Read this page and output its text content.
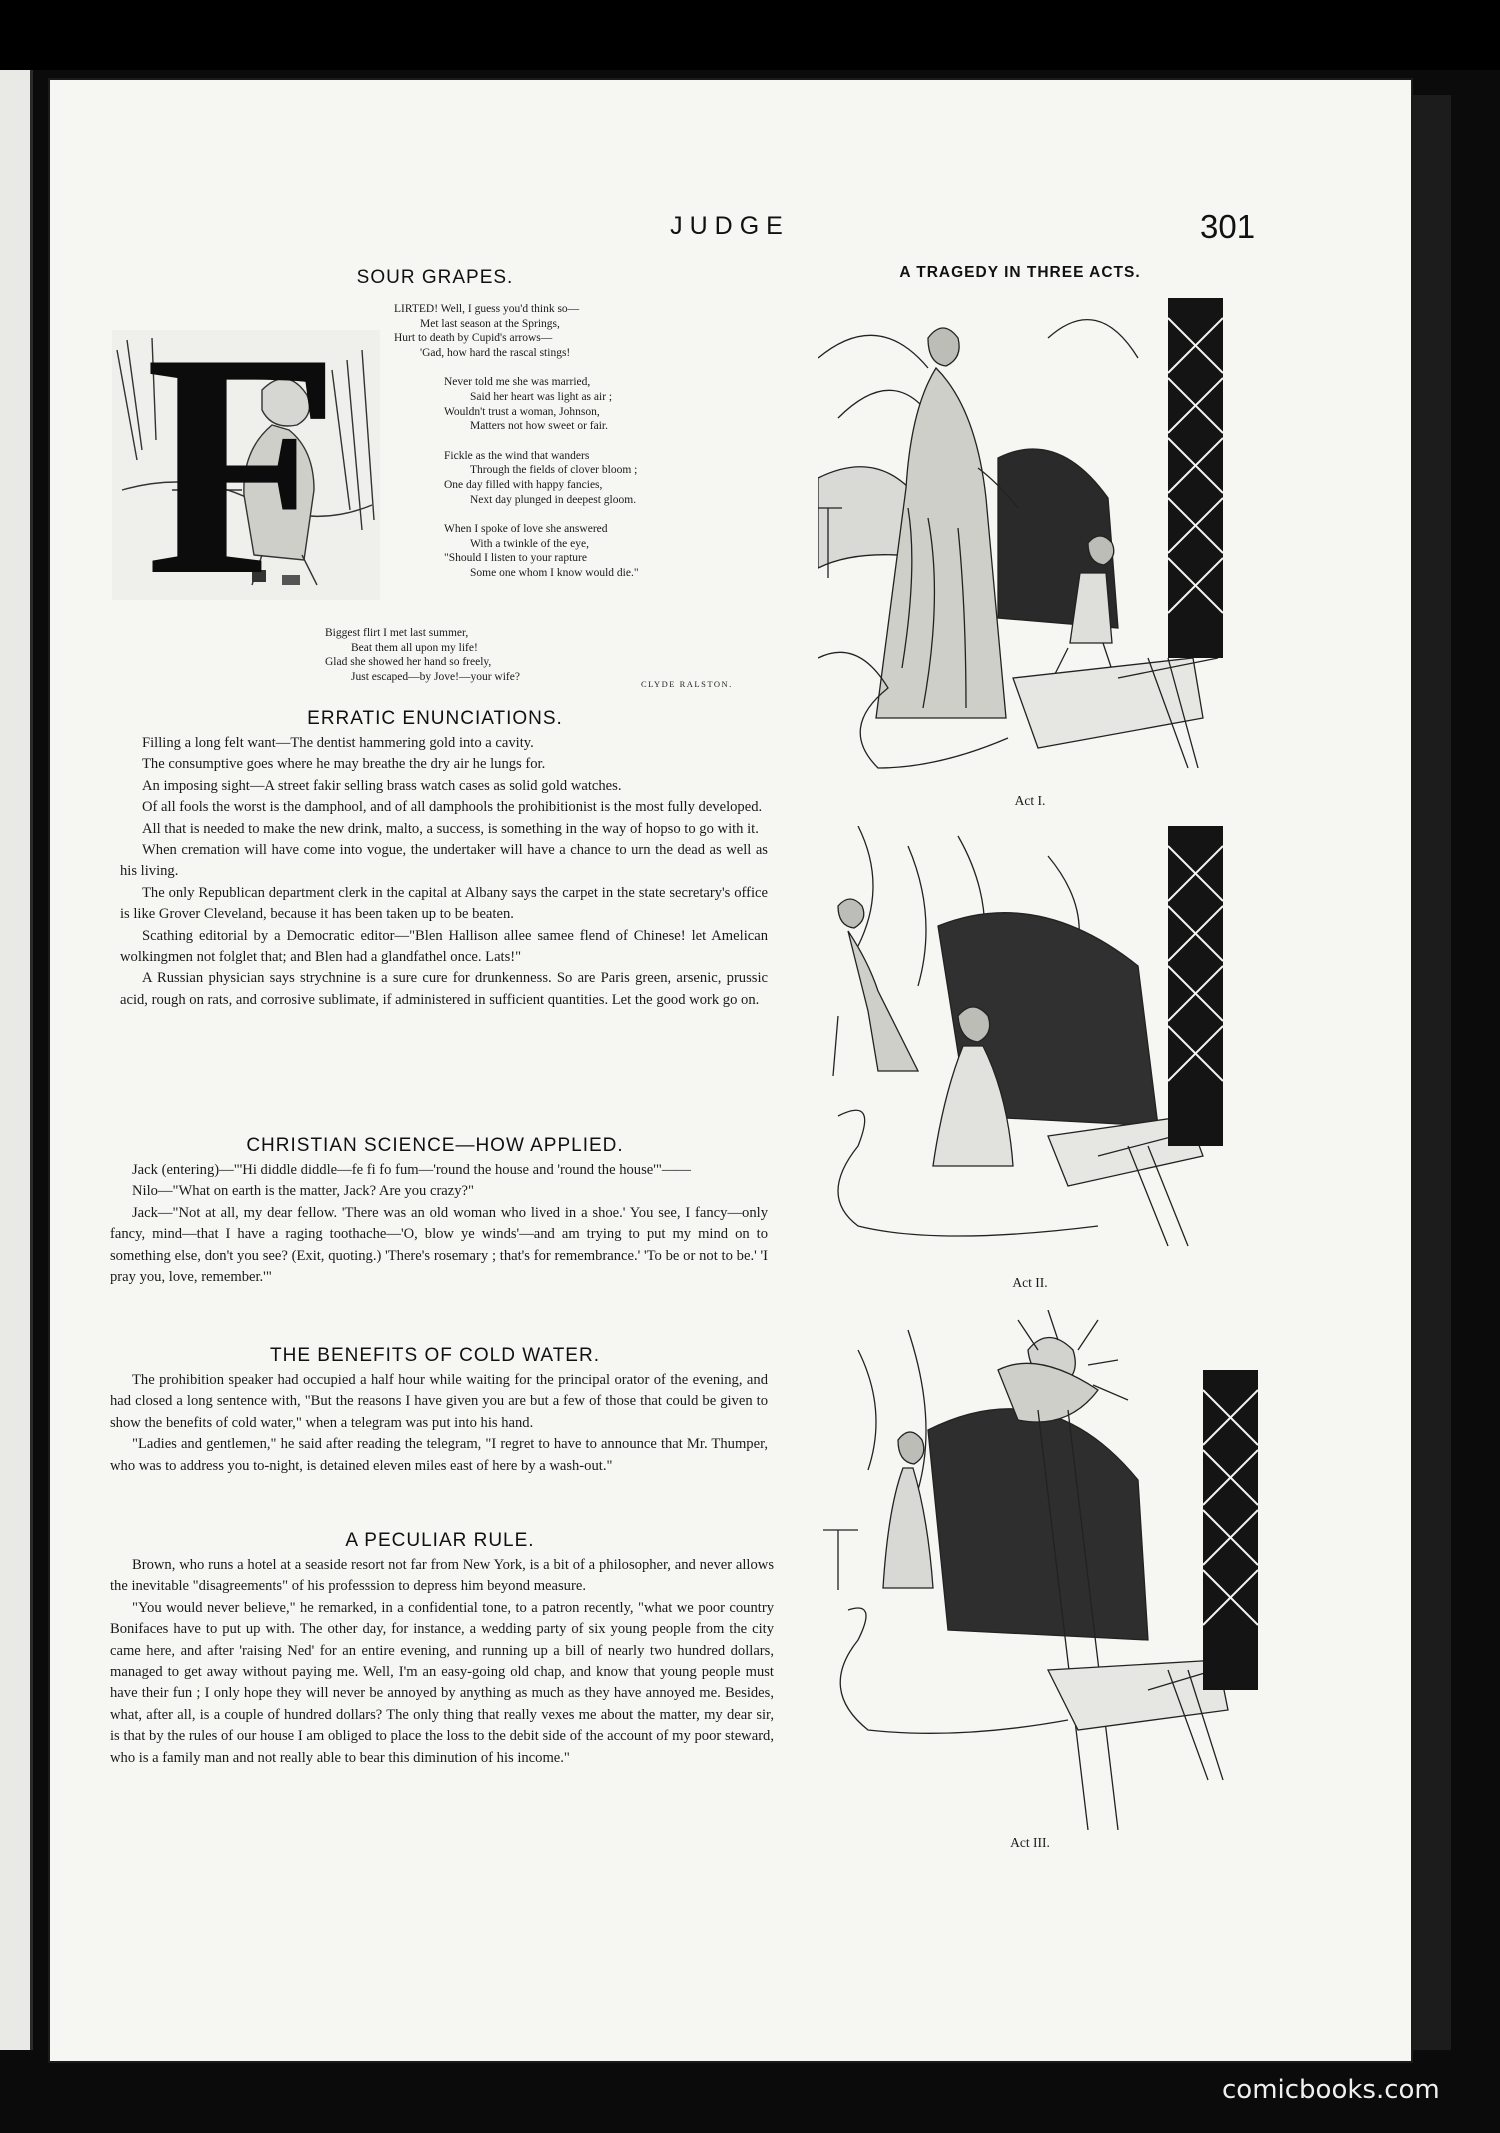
JUDGE	301
SOUR GRAPES.
F	LIRTED! Well, I guess you'd think so—
Met last season at the Springs,
Hurt to death by Cupid's arrows—
'Gad, how hard the rascal stings!
Never told me she was married,
Said her heart was light as air ;
Wouldn't trust a woman, Johnson,
Matters not how sweet or fair.
Fickle as the wind that wanders
Through the fields of clover bloom ;
One day filled with happy fancies,
Next day plunged in deepest gloom.
When I spoke of love she answered
With a twinkle of the eye,
"Should I listen to your rapture
Some one whom I know would die."
Biggest flirt I met last summer,
Beat them all upon my life!
Glad she showed her hand so freely,
Just escaped—by Jove!—your wife?
CLYDE RALSTON.
ERRATIC ENUNCIATIONS.

Filling a long felt want—The dentist hammering gold into a cavity.

The consumptive goes where he may breathe the dry air he lungs for.

An imposing sight—A street fakir selling brass watch cases as solid gold watches.

Of all fools the worst is the damphool, and of all damphools the prohibitionist is the most fully developed.

All that is needed to make the new drink, malto, a success, is something in the way of hopso to go with it.

When cremation will have come into vogue, the undertaker will have a chance to urn the dead as well as his living.

The only Republican department clerk in the capital at Albany says the carpet in the state secretary's office is like Grover Cleveland, because it has been taken up to be beaten.

Scathing editorial by a Democratic editor—"Blen Hallison allee samee flend of Chinese! let Amelican wolkingmen not folglet that; and Blen had a glandfathel once. Lats!"

A Russian physician says strychnine is a sure cure for drunkenness. So are Paris green, arsenic, prussic acid, rough on rats, and corrosive sublimate, if administered in sufficient quantities. Let the good work go on.

CHRISTIAN SCIENCE—HOW APPLIED.

Jack (entering)—"'Hi diddle diddle—fe fi fo fum—'round the house and 'round the house'"——

Nilo—"What on earth is the matter, Jack? Are you crazy?"

Jack—"Not at all, my dear fellow. 'There was an old woman who lived in a shoe.' You see, I fancy—only fancy, mind—that I have a raging toothache—'O, blow ye winds'—and am trying to put my mind on to something else, don't you see? (Exit, quoting.) 'There's rosemary ; that's for remembrance.' 'To be or not to be.' 'I pray you, love, remember.'"

THE BENEFITS OF COLD WATER.

The prohibition speaker had occupied a half hour while waiting for the principal orator of the evening, and had closed a long sentence with, "But the reasons I have given you are but a few of those that could be given to show the benefits of cold water," when a telegram was put into his hand.

"Ladies and gentlemen," he said after reading the telegram, "I regret to have to announce that Mr. Thumper, who was to address you to-night, is detained eleven miles east of here by a wash-out."

A PECULIAR RULE.

Brown, who runs a hotel at a seaside resort not far from New York, is a bit of a philosopher, and never allows the inevitable "disagreements" of his professsion to depress him beyond measure.

"You would never believe," he remarked, in a confidential tone, to a patron recently, "what we poor country Bonifaces have to put up with. The other day, for instance, a wedding party of six young people from the city came here, and after 'raising Ned' for an entire evening, and running up a bill of nearly two hundred dollars, managed to get away without paying me. Well, I'm an easy-going old chap, and know that young people must have their fun ; I only hope they will never be annoyed by anything as much as they have annoyed me. Besides, what, after all, is a couple of hundred dollars? The only thing that really vexes me about the matter, my dear sir, is that by the rules of our house I am obliged to place the loss to the debit side of the account of my poor steward, who is a family man and not really able to bear this diminution of his income."

A TRAGEDY IN THREE ACTS.
Act I.
Act II.
Act III.
comicbooks.com
